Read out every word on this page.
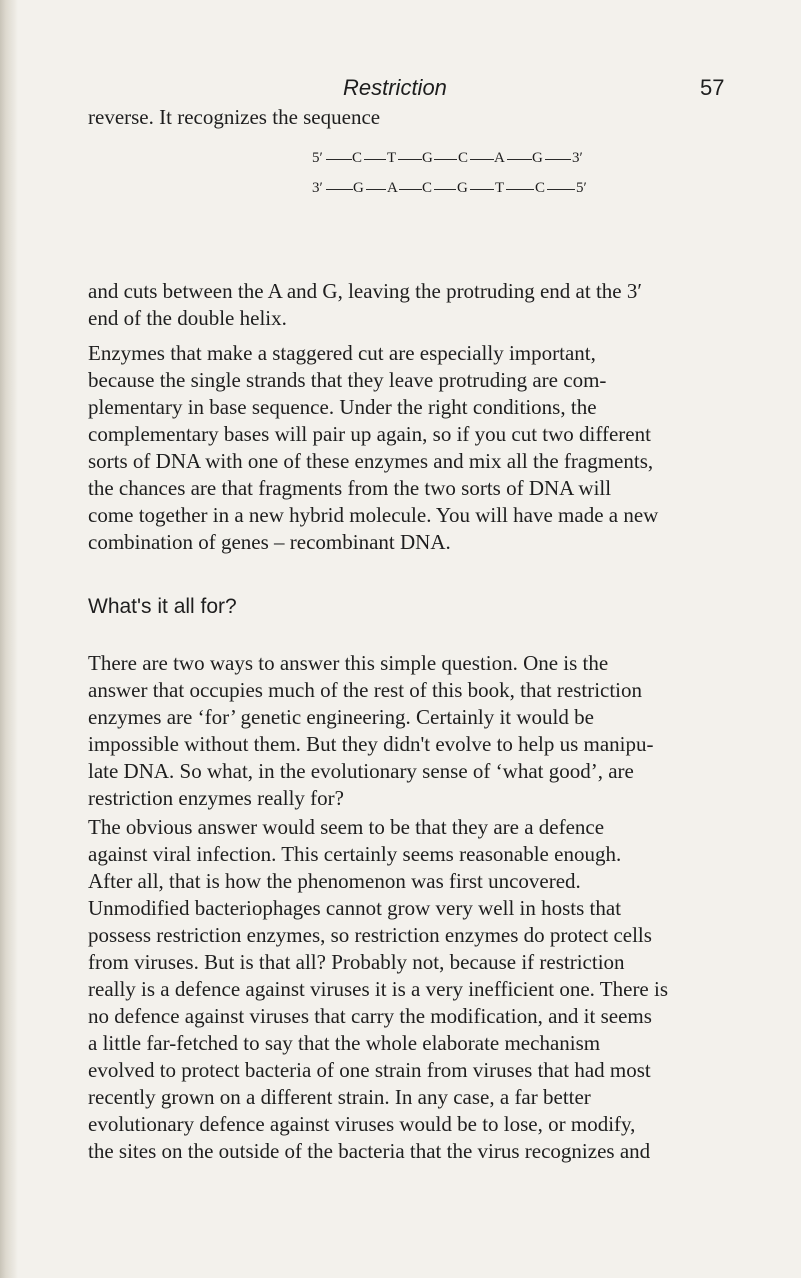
Restriction	57

reverse. It recognizes the sequence

5′ C T G C A G 3′
3′ G A C G T C 5′

and cuts between the A and G, leaving the protruding end at the 3′
end of the double helix.

Enzymes that make a staggered cut are especially important,
because the single strands that they leave protruding are com-
plementary in base sequence. Under the right conditions, the
complementary bases will pair up again, so if you cut two different
sorts of DNA with one of these enzymes and mix all the fragments,
the chances are that fragments from the two sorts of DNA will
come together in a new hybrid molecule. You will have made a new
combination of genes – recombinant DNA.

What's it all for?

There are two ways to answer this simple question. One is the
answer that occupies much of the rest of this book, that restriction
enzymes are ‘for’ genetic engineering. Certainly it would be
impossible without them. But they didn't evolve to help us manipu-
late DNA. So what, in the evolutionary sense of ‘what good’, are
restriction enzymes really for?

The obvious answer would seem to be that they are a defence
against viral infection. This certainly seems reasonable enough.
After all, that is how the phenomenon was first uncovered.
Unmodified bacteriophages cannot grow very well in hosts that
possess restriction enzymes, so restriction enzymes do protect cells
from viruses. But is that all? Probably not, because if restriction
really is a defence against viruses it is a very inefficient one. There is
no defence against viruses that carry the modification, and it seems
a little far-fetched to say that the whole elaborate mechanism
evolved to protect bacteria of one strain from viruses that had most
recently grown on a different strain. In any case, a far better
evolutionary defence against viruses would be to lose, or modify,
the sites on the outside of the bacteria that the virus recognizes and
